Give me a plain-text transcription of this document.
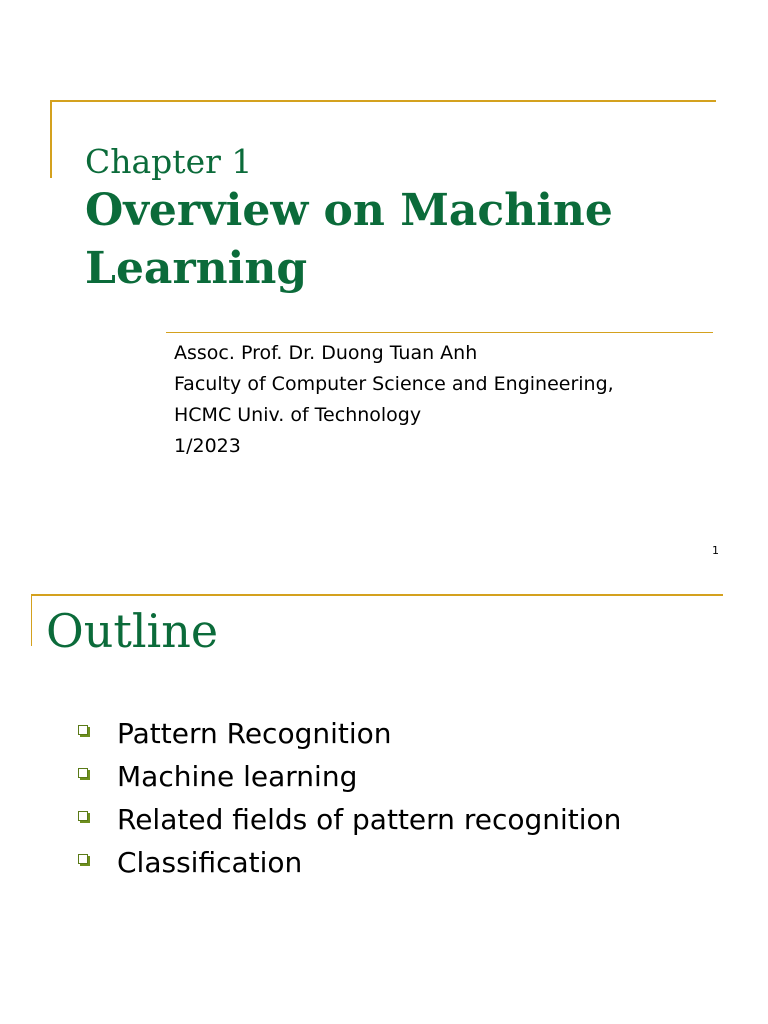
Chapter 1
Overview on Machine
Learning
Assoc. Prof. Dr. Duong Tuan Anh
Faculty of Computer Science and Engineering,
HCMC Univ. of Technology
1/2023
1
Outline
Pattern Recognition
Machine learning
Related fields of pattern recognition
Classification
